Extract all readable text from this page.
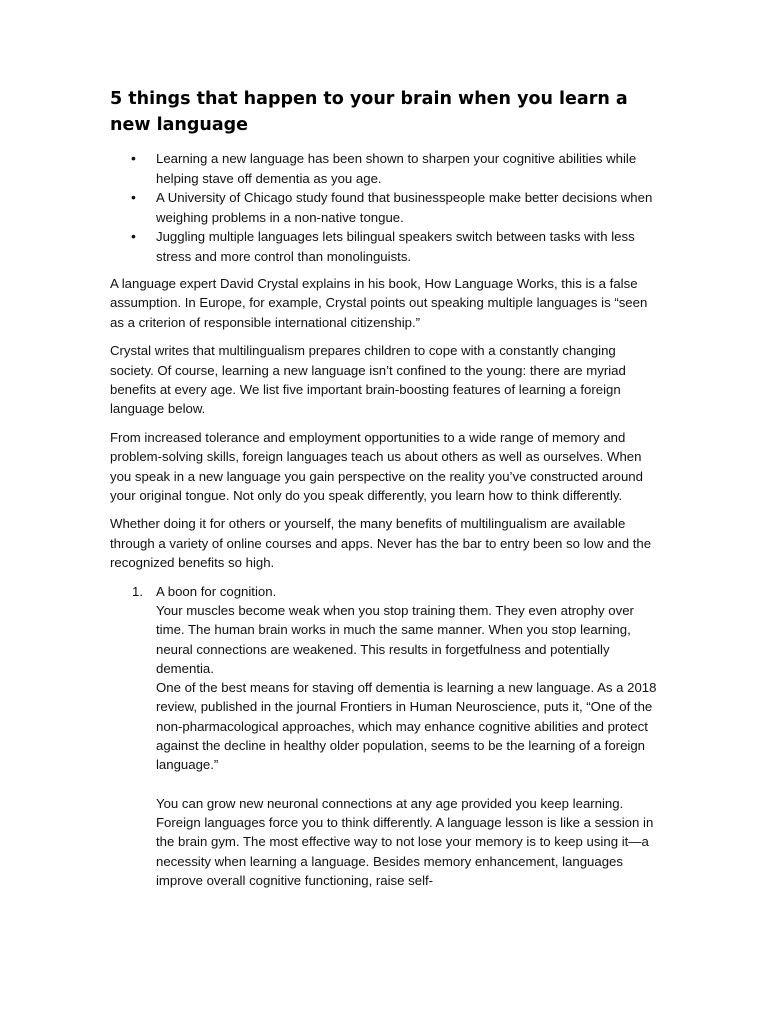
5 things that happen to your brain when you learn a new language
• Learning a new language has been shown to sharpen your cognitive abilities while helping stave off dementia as you age.
• A University of Chicago study found that businesspeople make better decisions when weighing problems in a non-native tongue.
• Juggling multiple languages lets bilingual speakers switch between tasks with less stress and more control than monolinguists.

A language expert David Crystal explains in his book, How Language Works, this is a false assumption. In Europe, for example, Crystal points out speaking multiple languages is “seen as a criterion of responsible international citizenship.”

Crystal writes that multilingualism prepares children to cope with a constantly changing society. Of course, learning a new language isn’t confined to the young: there are myriad benefits at every age. We list five important brain-boosting features of learning a foreign language below.

From increased tolerance and employment opportunities to a wide range of memory and problem-solving skills, foreign languages teach us about others as well as ourselves. When you speak in a new language you gain perspective on the reality you’ve constructed around your original tongue. Not only do you speak differently, you learn how to think differently.

Whether doing it for others or yourself, the many benefits of multilingualism are available through a variety of online courses and apps. Never has the bar to entry been so low and the recognized benefits so high.

1. A boon for cognition.
Your muscles become weak when you stop training them. They even atrophy over time. The human brain works in much the same manner. When you stop learning, neural connections are weakened. This results in forgetfulness and potentially dementia.
One of the best means for staving off dementia is learning a new language. As a 2018 review, published in the journal Frontiers in Human Neuroscience, puts it, “One of the non-pharmacological approaches, which may enhance cognitive abilities and protect against the decline in healthy older population, seems to be the learning of a foreign language.”
You can grow new neuronal connections at any age provided you keep learning. Foreign languages force you to think differently. A language lesson is like a session in the brain gym. The most effective way to not lose your memory is to keep using it—a necessity when learning a language. Besides memory enhancement, languages improve overall cognitive functioning, raise self-
